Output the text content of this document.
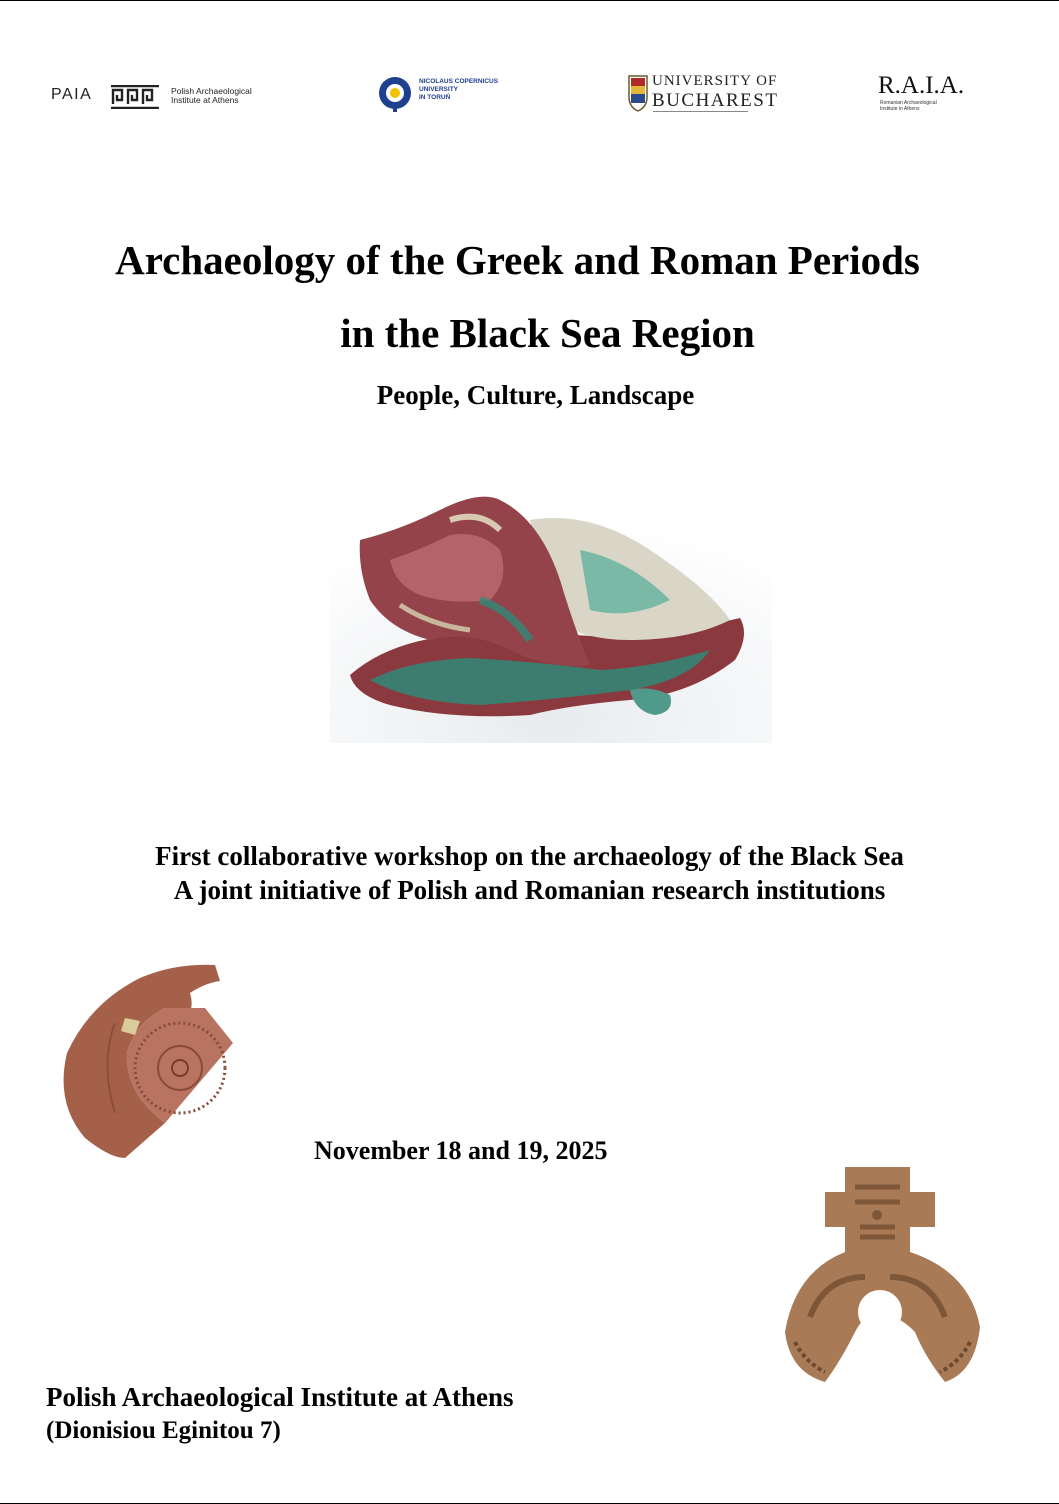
PAIA	Polish Archaeological
Institute at Athens
NICOLAUS COPERNICUS
UNIVERSITY
IN TORUŃ
UNIVERSITY OF
BUCHAREST
R.A.I.A.
Romanian Archaeological
Institute in Athens
Archaeology of the Greek and Roman Periods
in the Black Sea Region
People, Culture, Landscape
First collaborative workshop on the archaeology of the Black Sea
A joint initiative of Polish and Romanian research institutions
November 18 and 19, 2025
Polish Archaeological Institute at Athens
(Dionisiou Eginitou 7)
